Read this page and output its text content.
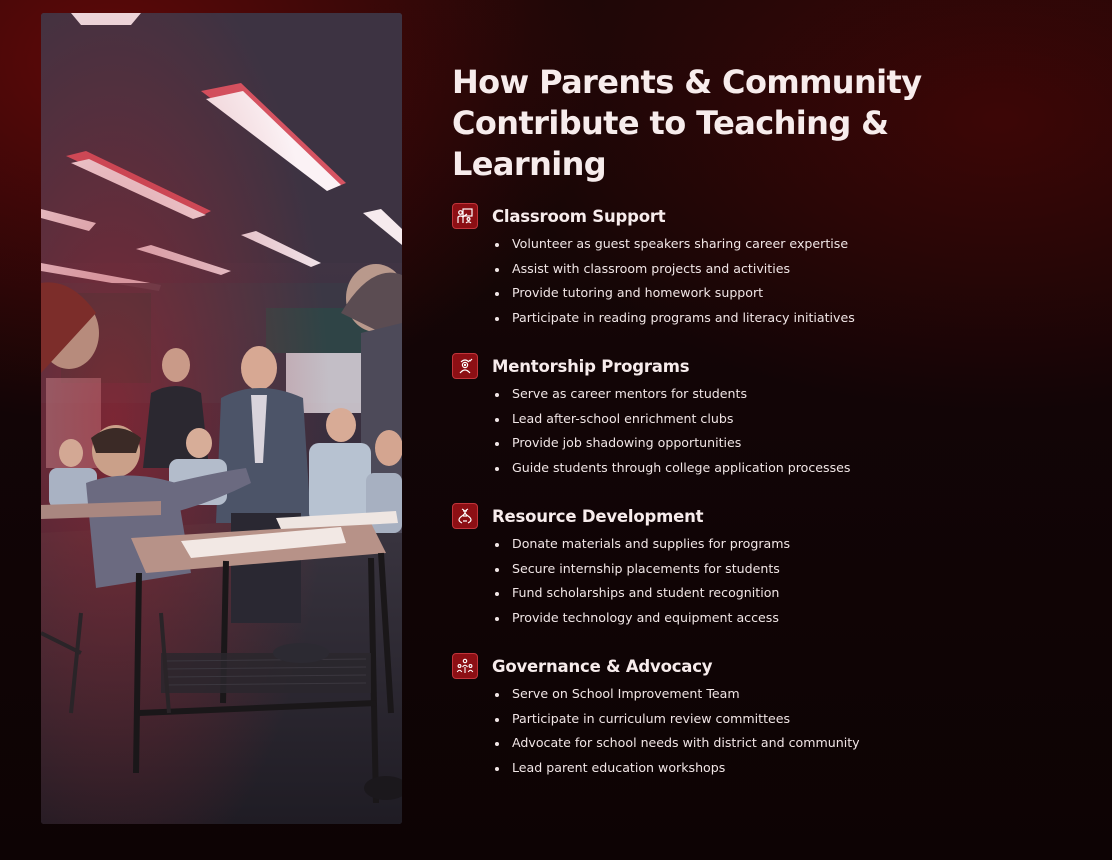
How Parents & Community Contribute to Teaching & Learning
Classroom Support
Volunteer as guest speakers sharing career expertise
Assist with classroom projects and activities
Provide tutoring and homework support
Participate in reading programs and literacy initiatives
Mentorship Programs
Serve as career mentors for students
Lead after-school enrichment clubs
Provide job shadowing opportunities
Guide students through college application processes
Resource Development
Donate materials and supplies for programs
Secure internship placements for students
Fund scholarships and student recognition
Provide technology and equipment access
Governance & Advocacy
Serve on School Improvement Team
Participate in curriculum review committees
Advocate for school needs with district and community
Lead parent education workshops
